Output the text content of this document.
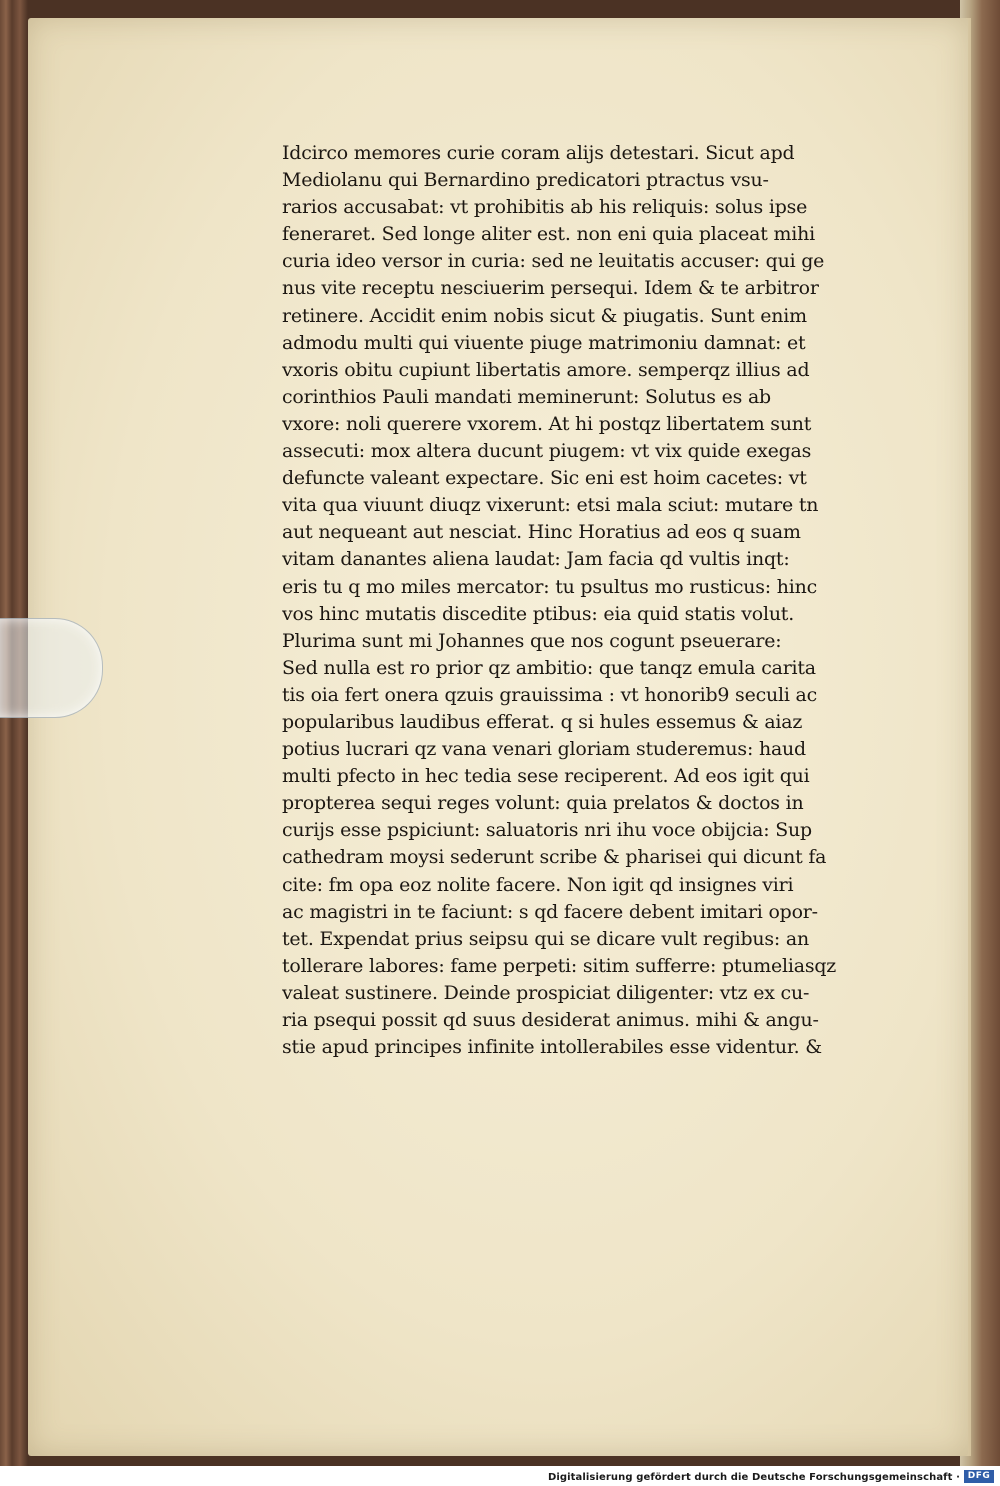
Idcirco memores curie coram alijs detestari. Sicut apd
Mediolanu qui Bernardino predicatori ptractus vsu-
rarios accusabat: vt prohibitis ab his reliquis: solus ipse
feneraret. Sed longe aliter est. non eni quia placeat mihi
curia ideo versor in curia: sed ne leuitatis accuser: qui ge
nus vite receptu nesciuerim persequi. Idem & te arbitror
retinere. Accidit enim nobis sicut & piugatis. Sunt enim
admodu multi qui viuente piuge matrimoniu damnat: et
vxoris obitu cupiunt libertatis amore. semperqz illius ad
corinthios Pauli mandati meminerunt: Solutus es ab
vxore: noli querere vxorem. At hi postqz libertatem sunt
assecuti: mox altera ducunt piugem: vt vix quide exegas
defuncte valeant expectare. Sic eni est hoim cacetes: vt
vita qua viuunt diuqz vixerunt: etsi mala sciut: mutare tn
aut nequeant aut nesciat. Hinc Horatius ad eos q suam
vitam danantes aliena laudat: Jam facia qd vultis inqt:
eris tu q mo miles mercator: tu psultus mo rusticus: hinc
vos hinc mutatis discedite ptibus: eia quid statis volut.
Plurima sunt mi Johannes que nos cogunt pseuerare:
Sed nulla est ro prior qz ambitio: que tanqz emula carita
tis oia fert onera qzuis grauissima : vt honorib9 seculi ac
popularibus laudibus efferat. q si hules essemus & aiaz
potius lucrari qz vana venari gloriam studeremus: haud
multi pfecto in hec tedia sese reciperent. Ad eos igit qui
propterea sequi reges volunt: quia prelatos & doctos in
curijs esse pspiciunt: saluatoris nri ihu voce obijcia: Sup
cathedram moysi sederunt scribe & pharisei qui dicunt fa
cite: fm opa eoz nolite facere. Non igit qd insignes viri
ac magistri in te faciunt: s qd facere debent imitari opor-
tet. Expendat prius seipsu qui se dicare vult regibus: an
tollerare labores: fame perpeti: sitim sufferre: ptumeliasqz
valeat sustinere. Deinde prospiciat diligenter: vtz ex cu-
ria psequi possit qd suus desiderat animus. mihi & angu-
stie apud principes infinite intollerabiles esse videntur. &
Digitalisierung gefördert durch die Deutsche Forschungsgemeinschaft · DFG
